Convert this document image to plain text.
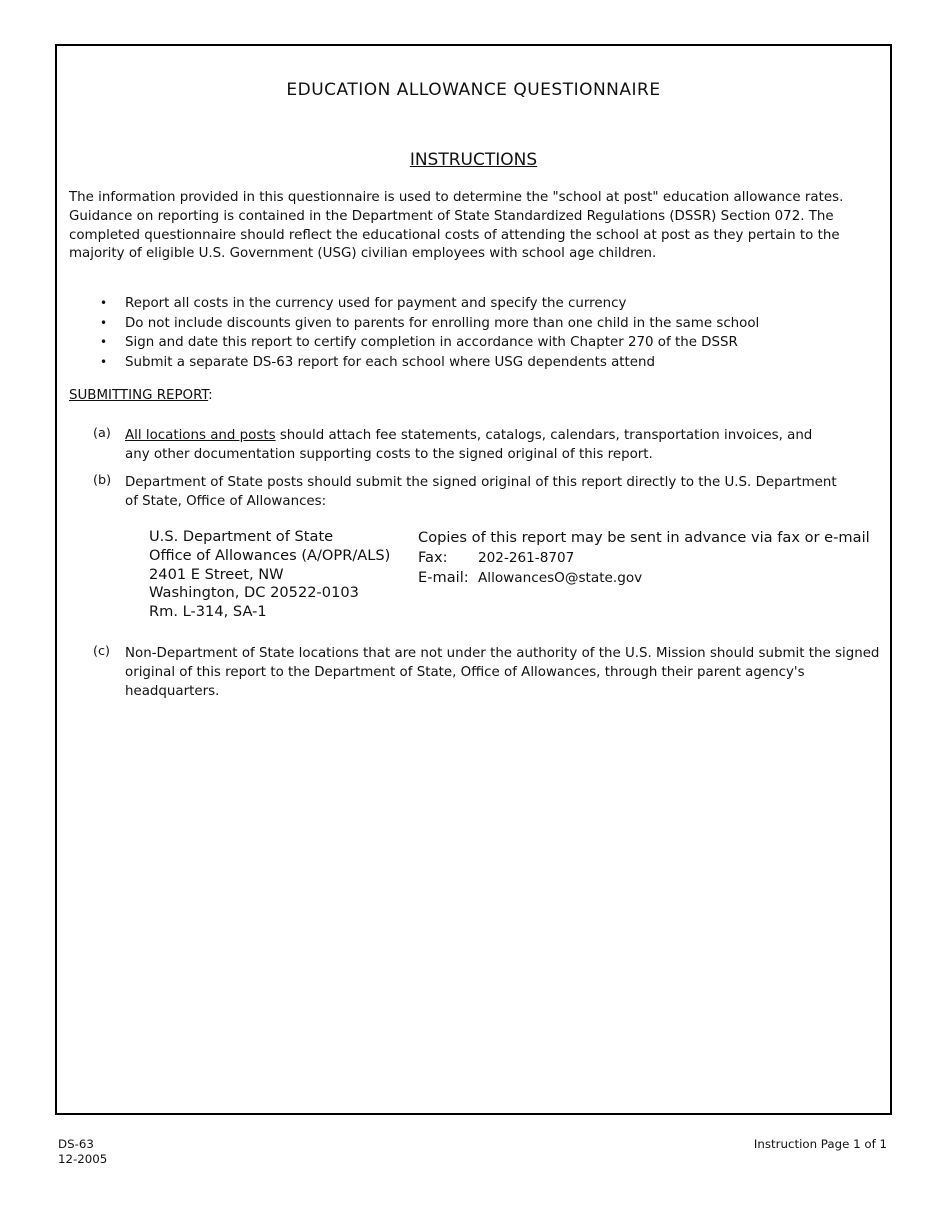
EDUCATION ALLOWANCE QUESTIONNAIRE
INSTRUCTIONS

The information provided in this questionnaire is used to determine the "school at post" education allowance rates. Guidance on reporting is contained in the Department of State Standardized Regulations (DSSR) Section 072. The completed questionnaire should reflect the educational costs of attending the school at post as they pertain to the majority of eligible U.S. Government (USG) civilian employees with school age children.

• Report all costs in the currency used for payment and specify the currency
• Do not include discounts given to parents for enrolling more than one child in the same school
• Sign and date this report to certify completion in accordance with Chapter 270 of the DSSR
• Submit a separate DS-63 report for each school where USG dependents attend
SUBMITTING REPORT:
(a) All locations and posts should attach fee statements, catalogs, calendars, transportation invoices, and any other documentation supporting costs to the signed original of this report.
(b) Department of State posts should submit the signed original of this report directly to the U.S. Department of State, Office of Allowances:
U.S. Department of State
Office of Allowances (A/OPR/ALS)
2401 E Street, NW
Washington, DC 20522-0103
Rm. L-314, SA-1
Copies of this report may be sent in advance via fax or e-mail
Fax: 202-261-8707
E-mail: AllowancesO@state.gov
(c) Non-Department of State locations that are not under the authority of the U.S. Mission should submit the signed original of this report to the Department of State, Office of Allowances, through their parent agency's headquarters.
DS-63
12-2005
Instruction Page 1 of 1
